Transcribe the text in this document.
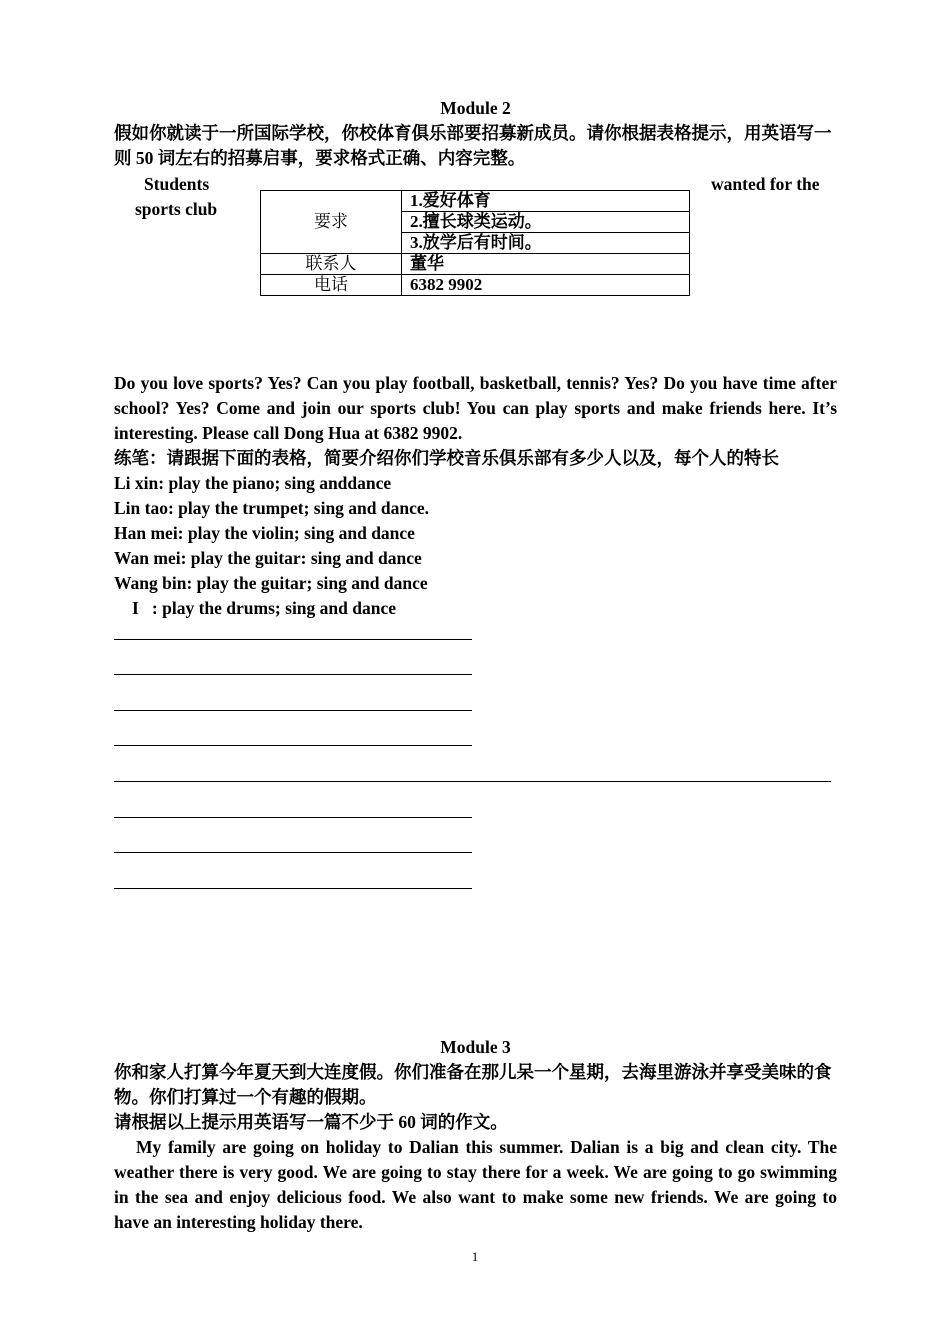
Module 2
假如你就读于一所国际学校，你校体育俱乐部要招募新成员。请你根据表格提示，用英语写一则 50 词左右的招募启事，要求格式正确、内容完整。
Students	wanted for the
sports club
要求	1.爱好体育
	2.擅长球类运动。
	3.放学后有时间。
联系人	董华
电话	6382 9902
Do you love sports? Yes? Can you play football, basketball, tennis? Yes? Do you have time after school? Yes? Come and join our sports club! You can play sports and make friends here. It’s interesting. Please call Dong Hua at 6382 9902.
练笔：请跟据下面的表格，简要介绍你们学校音乐俱乐部有多少人以及，每个人的特长
Li xin: play the piano; sing anddance
Lin tao: play the trumpet; sing and dance.
Han mei: play the violin; sing and dance
Wan mei: play the guitar: sing and dance
Wang bin: play the guitar; sing and dance
I   : play the drums; sing and dance
Module 3
你和家人打算今年夏天到大连度假。你们准备在那儿呆一个星期，去海里游泳并享受美味的食物。你们打算过一个有趣的假期。
请根据以上提示用英语写一篇不少于 60 词的作文。
My family are going on holiday to Dalian this summer. Dalian is a big and clean city. The weather there is very good. We are going to stay there for a week. We are going to go swimming in the sea and enjoy delicious food. We also want to make some new friends. We are going to have an interesting holiday there.
1
